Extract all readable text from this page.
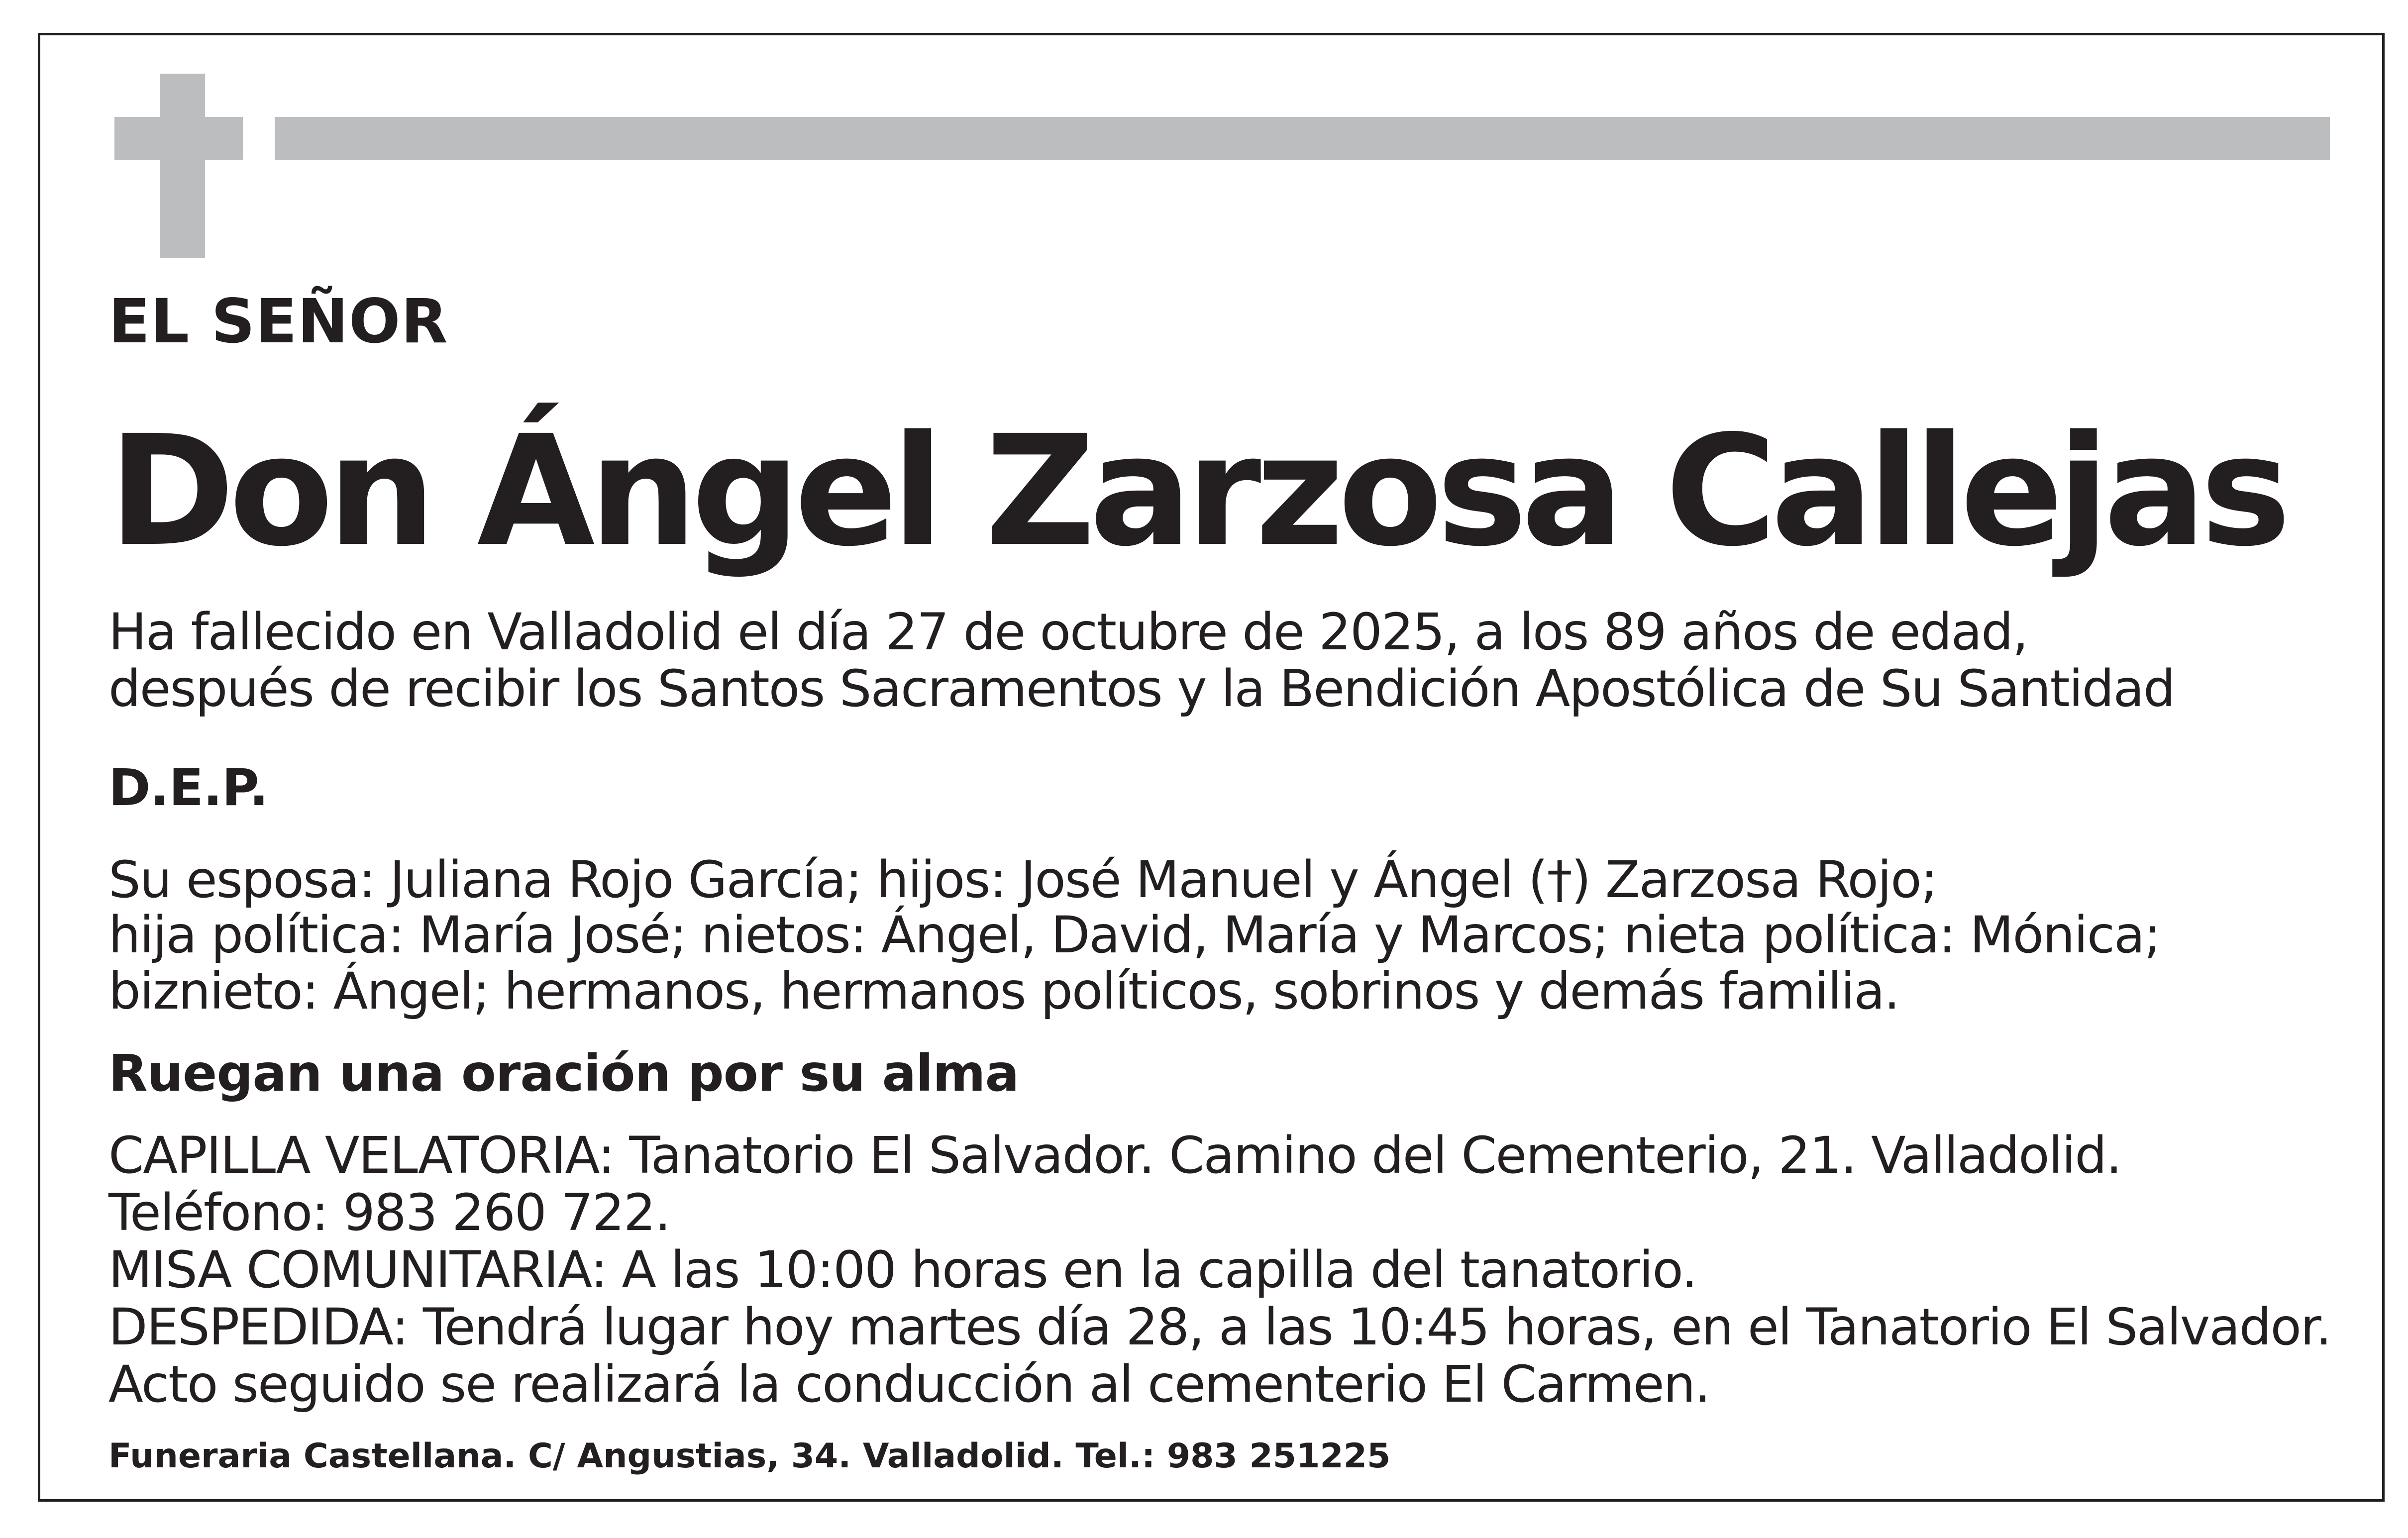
EL SEÑOR

Don Ángel Zarzosa Callejas

Ha fallecido en Valladolid el día 27 de octubre de 2025, a los 89 años de edad,

después de recibir los Santos Sacramentos y la Bendición Apostólica de Su Santidad

D.E.P.

Su esposa: Juliana Rojo García; hijos: José Manuel y Ángel (†) Zarzosa Rojo;

hija política: María José; nietos: Ángel, David, María y Marcos; nieta política: Mónica;

biznieto: Ángel; hermanos, hermanos políticos, sobrinos y demás familia.

Ruegan una oración por su alma

CAPILLA VELATORIA: Tanatorio El Salvador. Camino del Cementerio, 21. Valladolid.

Teléfono: 983 260 722.

MISA COMUNITARIA: A las 10:00 horas en la capilla del tanatorio.

DESPEDIDA: Tendrá lugar hoy martes día 28, a las 10:45 horas, en el Tanatorio El Salvador.

Acto seguido se realizará la conducción al cementerio El Carmen.

Funeraria Castellana. C/ Angustias, 34. Valladolid. Tel.: 983 251225
